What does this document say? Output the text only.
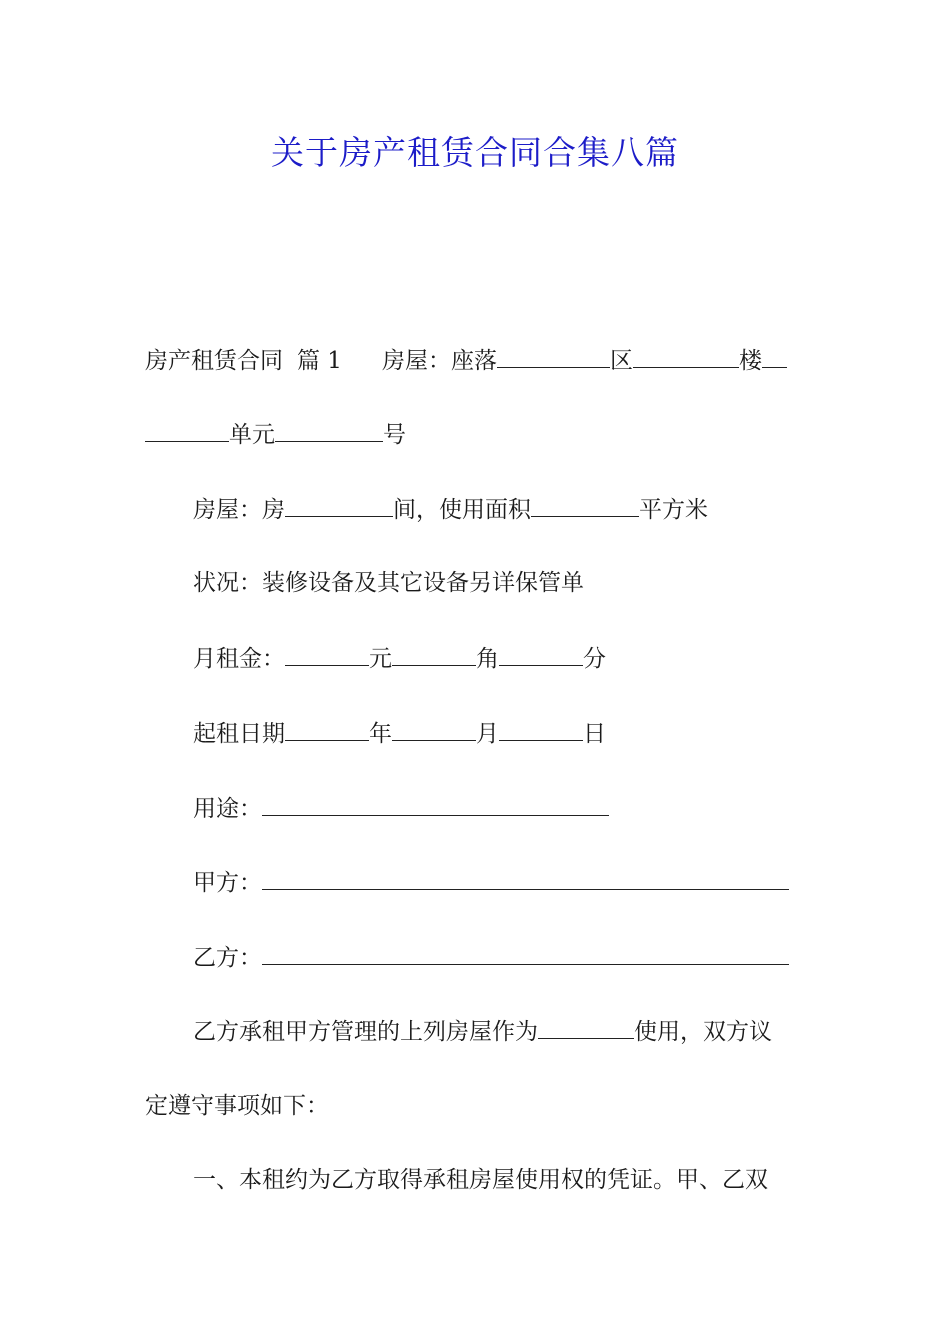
关于房产租赁合同合集八篇

房产租赁合同 篇 1 房屋：座落	区	楼

单元	号

房屋：房	间，使用面积	平方米

状况：装修设备及其它设备另详保管单

月租金：	元	角	分

起租日期	年	月	日

用途：

甲方：

乙方：

乙方承租甲方管理的上列房屋作为	使用，双方议

定遵守事项如下：

一、本租约为乙方取得承租房屋使用权的凭证。甲、乙双
